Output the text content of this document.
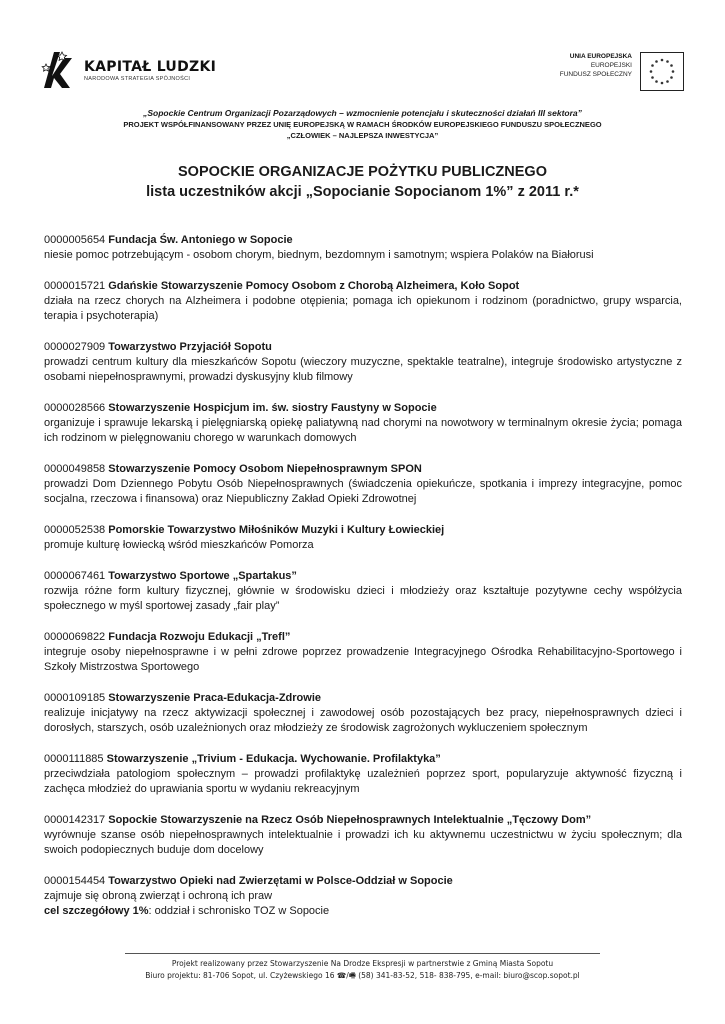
KAPITAŁ LUDZKI
NARODOWA STRATEGIA SPÓJNOŚCI
UNIA EUROPEJSKA
EUROPEJSKI
FUNDUSZ SPOŁECZNY
„Sopockie Centrum Organizacji Pozarządowych – wzmocnienie potencjału i skuteczności działań III sektora”
PROJEKT WSPÓŁFINANSOWANY PRZEZ UNIĘ EUROPEJSKĄ W RAMACH ŚRODKÓW EUROPEJSKIEGO FUNDUSZU SPOŁECZNEGO
„CZŁOWIEK – NAJLEPSZA INWESTYCJA”
SOPOCKIE ORGANIZACJE POŻYTKU PUBLICZNEGO
lista uczestników akcji „Sopocianie Sopocianom 1%” z 2011 r.*
0000005654 Fundacja Św. Antoniego w Sopocie
niesie pomoc potrzebującym - osobom chorym, biednym, bezdomnym i samotnym; wspiera Polaków na Białorusi
0000015721 Gdańskie Stowarzyszenie Pomocy Osobom z Chorobą Alzheimera, Koło Sopot
działa na rzecz chorych na Alzheimera i podobne otępienia; pomaga ich opiekunom i rodzinom (poradnictwo, grupy wsparcia, terapia i psychoterapia)
0000027909 Towarzystwo Przyjaciół Sopotu
prowadzi centrum kultury dla mieszkańców Sopotu (wieczory muzyczne, spektakle teatralne), integruje środowisko artystyczne z osobami niepełnosprawnymi, prowadzi dyskusyjny klub filmowy
0000028566 Stowarzyszenie Hospicjum im. św. siostry Faustyny w Sopocie
organizuje i sprawuje lekarską i pielęgniarską opiekę paliatywną nad chorymi na nowotwory w terminalnym okresie życia; pomaga ich rodzinom w pielęgnowaniu chorego w warunkach domowych
0000049858 Stowarzyszenie Pomocy Osobom Niepełnosprawnym SPON
prowadzi Dom Dziennego Pobytu Osób Niepełnosprawnych (świadczenia opiekuńcze, spotkania i imprezy integracyjne, pomoc socjalna, rzeczowa i finansowa) oraz Niepubliczny Zakład Opieki Zdrowotnej
0000052538 Pomorskie Towarzystwo Miłośników Muzyki i Kultury Łowieckiej
promuje kulturę łowiecką wśród mieszkańców Pomorza
0000067461 Towarzystwo Sportowe „Spartakus”
rozwija różne form kultury fizycznej, głównie w środowisku dzieci i młodzieży oraz kształtuje pozytywne cechy współżycia społecznego w myśl sportowej zasady „fair play”
0000069822 Fundacja Rozwoju Edukacji „Trefl”
integruje osoby niepełnosprawne i w pełni zdrowe poprzez prowadzenie Integracyjnego Ośrodka Rehabilitacyjno-Sportowego i Szkoły Mistrzostwa Sportowego
0000109185 Stowarzyszenie Praca-Edukacja-Zdrowie
realizuje inicjatywy na rzecz aktywizacji społecznej i zawodowej osób pozostających bez pracy, niepełnosprawnych dzieci i dorosłych, starszych, osób uzależnionych oraz młodzieży ze środowisk zagrożonych wykluczeniem społecznym
0000111885 Stowarzyszenie „Trivium - Edukacja. Wychowanie. Profilaktyka”
przeciwdziała patologiom społecznym – prowadzi profilaktykę uzależnień poprzez sport, popularyzuje aktywność fizyczną i zachęca młodzież do uprawiania sportu w wydaniu rekreacyjnym
0000142317 Sopockie Stowarzyszenie na Rzecz Osób Niepełnosprawnych Intelektualnie „Tęczowy Dom”
wyrównuje szanse osób niepełnosprawnych intelektualnie i prowadzi ich ku aktywnemu uczestnictwu w życiu społecznym; dla swoich podopiecznych buduje dom docelowy
0000154454 Towarzystwo Opieki nad Zwierzętami w Polsce-Oddział w Sopocie
zajmuje się obroną zwierząt i ochroną ich praw
cel szczegółowy 1%: oddział i schronisko TOZ w Sopocie
Projekt realizowany przez Stowarzyszenie Na Drodze Ekspresji w partnerstwie z Gminą Miasta Sopotu
Biuro projektu: 81-706 Sopot, ul. Czyżewskiego 16 ☎/🖷 (58) 341-83-52, 518- 838-795, e-mail: biuro@scop.sopot.pl
